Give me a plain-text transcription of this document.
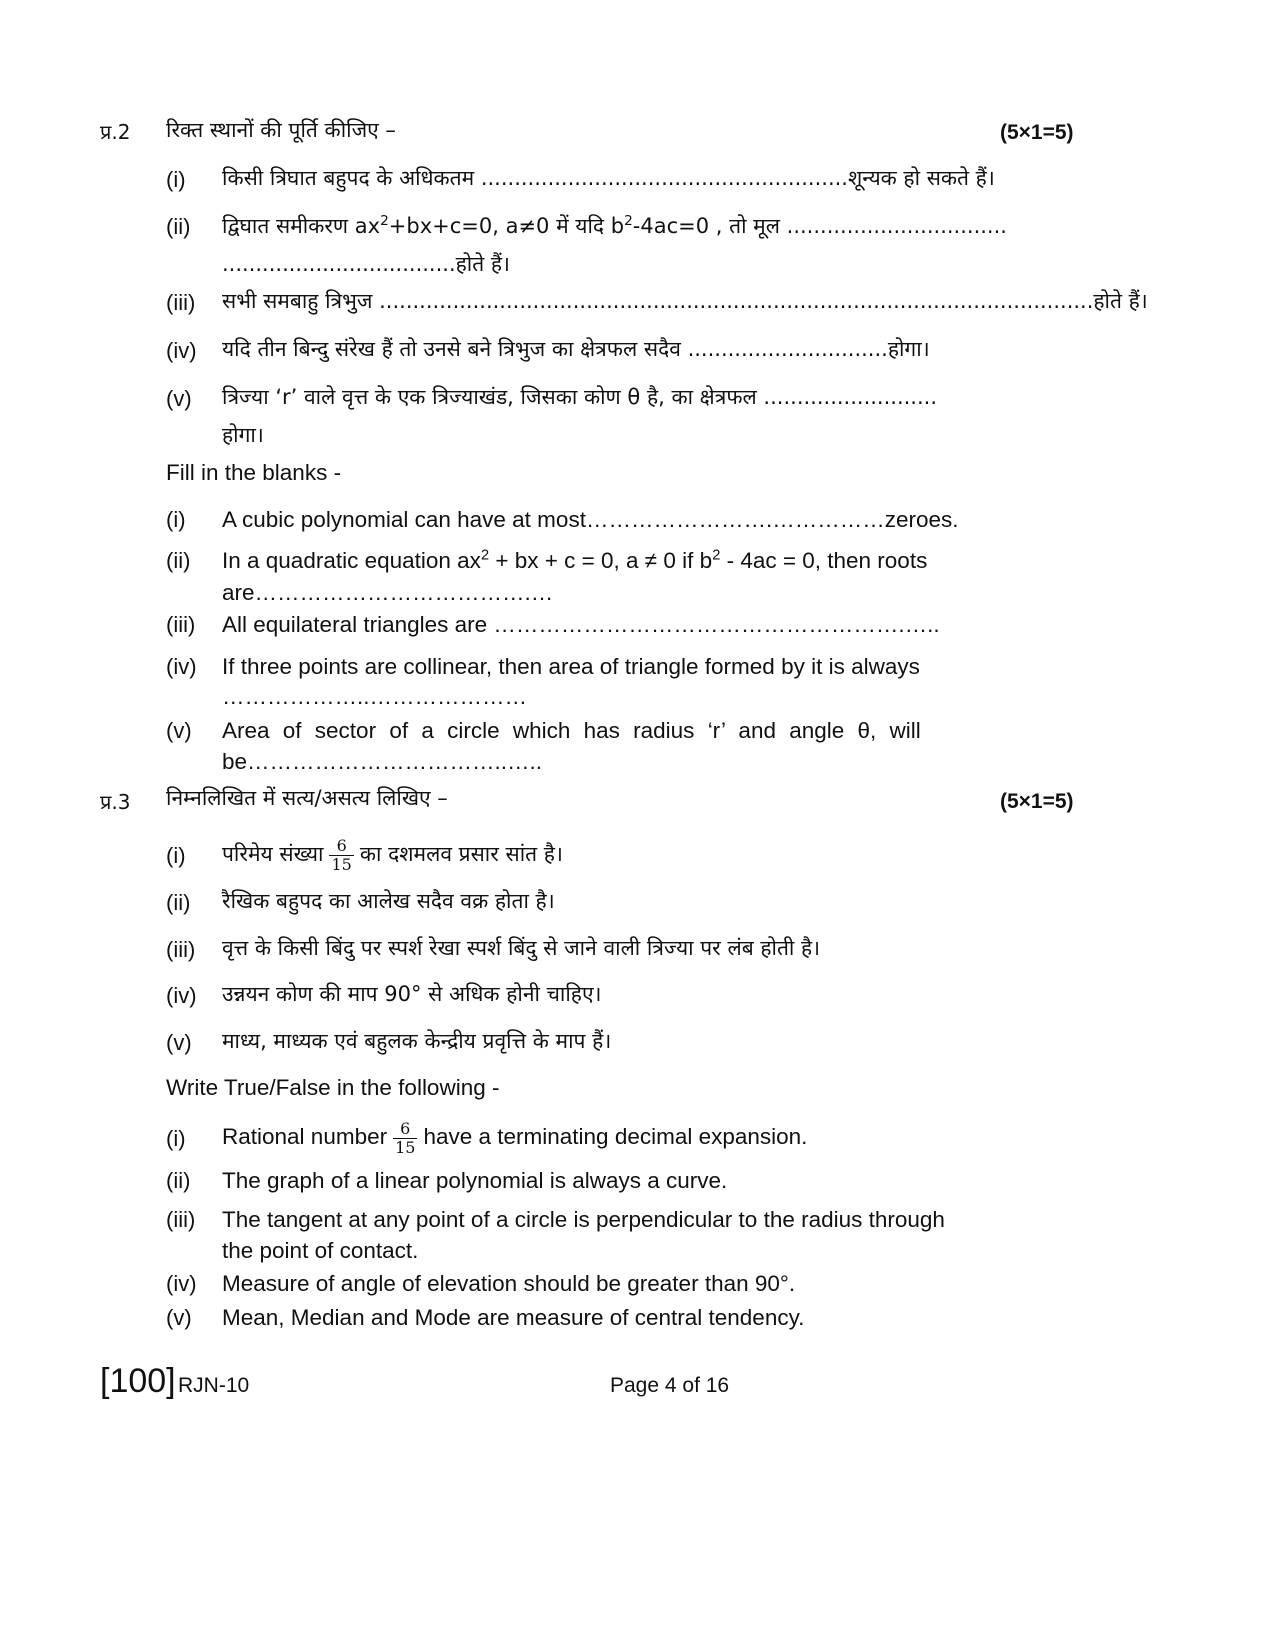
प्र.2 रिक्त स्थानों की पूर्ति कीजिए –	(5×1=5)
(i) किसी त्रिघात बहुपद के अधिकतम .......................................................शून्यक हो सकते हैं।
(ii) द्विघात समीकरण $ax^2+bx+c=0$, a≠0 में यदि $b^2-4ac=0$ , तो मूल .................................
...................................होते हैं।
(iii) सभी समबाहु त्रिभुज ...........................................................................................................होते हैं।
(iv) यदि तीन बिन्दु संरेख हैं तो उनसे बने त्रिभुज का क्षेत्रफल सदैव ..............................होगा।
(v) त्रिज्या ‘r’ वाले वृत्त के एक त्रिज्याखंड, जिसका कोण θ है, का क्षेत्रफल ..........................
होगा।
Fill in the blanks -
(i) A cubic polynomial can have at most…………………….……………zeroes.
(ii) In a quadratic equation $ax^2$ + bx + c = 0, a ≠ 0 if $b^2 - 4ac = 0$, then roots
are……………………………….…
(iii) All equilateral triangles are ……………………………………………….…..
(iv) If three points are collinear, then area of triangle formed by it is always
………………..…………………
(v) Area of sector of a circle which has radius ‘r’ and angle θ, will
be……………………………..…..
प्र.3 निम्नलिखित में सत्य/असत्य लिखिए –	(5×1=5)
(i) परिमेय संख्या $\frac{6}{15}$ का दशमलव प्रसार सांत है।
(ii) रैखिक बहुपद का आलेख सदैव वक्र होता है।
(iii) वृत्त के किसी बिंदु पर स्पर्श रेखा स्पर्श बिंदु से जाने वाली त्रिज्या पर लंब होती है।
(iv) उन्नयन कोण की माप 90° से अधिक होनी चाहिए।
(v) माध्य, माध्यक एवं बहुलक केन्द्रीय प्रवृत्ति के माप हैं।
Write True/False in the following -
(i) Rational number $\frac{6}{15}$ have a terminating decimal expansion.
(ii) The graph of a linear polynomial is always a curve.
(iii) The tangent at any point of a circle is perpendicular to the radius through
the point of contact.
(iv) Measure of angle of elevation should be greater than 90°.
(v) Mean, Median and Mode are measure of central tendency.
[100] RJN-10	Page 4 of 16
